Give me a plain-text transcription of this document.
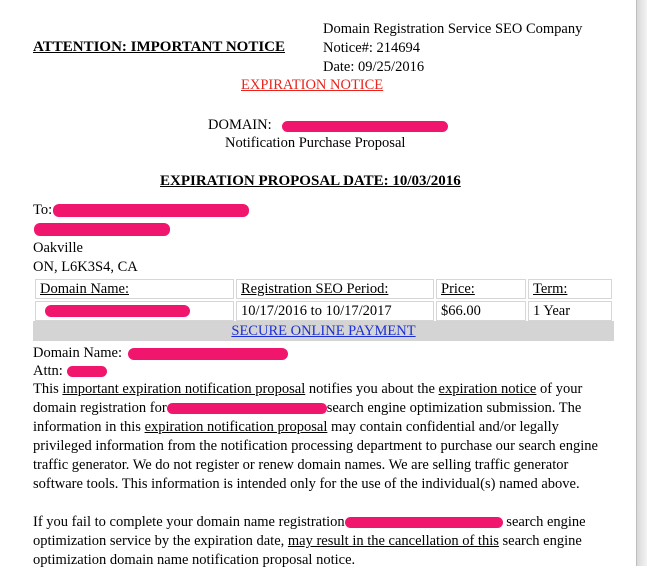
ATTENTION: IMPORTANT NOTICE
Domain Registration Service SEO Company
Notice#: 214694
Date: 09/25/2016
EXPIRATION NOTICE
DOMAIN:
Notification Purchase Proposal
EXPIRATION PROPOSAL DATE: 10/03/2016
To:
Oakville
ON, L6K3S4, CA
Domain Name:	Registration SEO Period:	Price:	Term:
	10/17/2016 to 10/17/2017	$66.00	1 Year
SECURE ONLINE PAYMENT
Domain Name:
Attn:
This important expiration notification proposal notifies you about the expiration notice of your domain registration for	search engine optimization submission. The information in this expiration notification proposal may contain confidential and/or legally privileged information from the notification processing department to purchase our search engine traffic generator. We do not register or renew domain names. We are selling traffic generator software tools. This information is intended only for the use of the individual(s) named above.
If you fail to complete your domain name registration	search engine optimization service by the expiration date, may result in the cancellation of this search engine optimization domain name notification proposal notice.
